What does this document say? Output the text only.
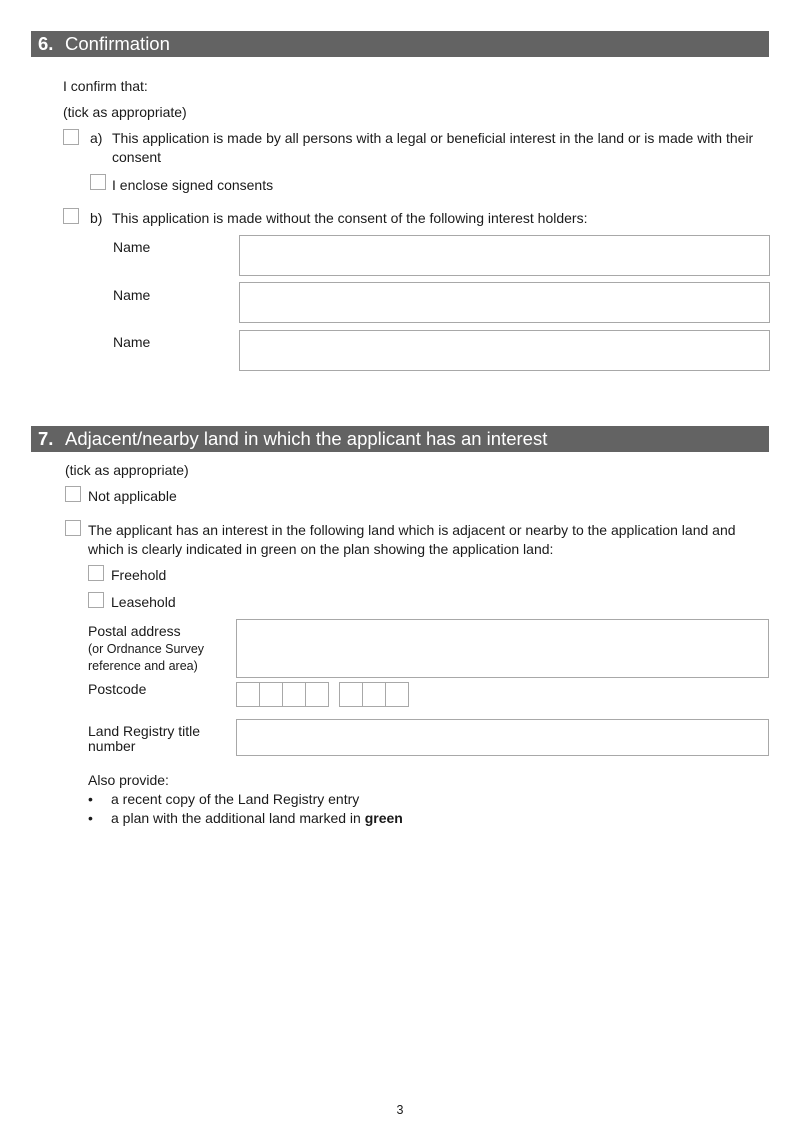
6. Confirmation
I confirm that:
(tick as appropriate)
a) This application is made by all persons with a legal or beneficial interest in the land or is made with their consent
I enclose signed consents
b) This application is made without the consent of the following interest holders:
Name
Name
Name
7. Adjacent/nearby land in which the applicant has an interest
(tick as appropriate)
Not applicable
The applicant has an interest in the following land which is adjacent or nearby to the application land and which is clearly indicated in green on the plan showing the application land:
Freehold
Leasehold
Postal address
(or Ordnance Survey
reference and area)
Postcode
Land Registry title
number
Also provide:
• a recent copy of the Land Registry entry
• a plan with the additional land marked in green
3
